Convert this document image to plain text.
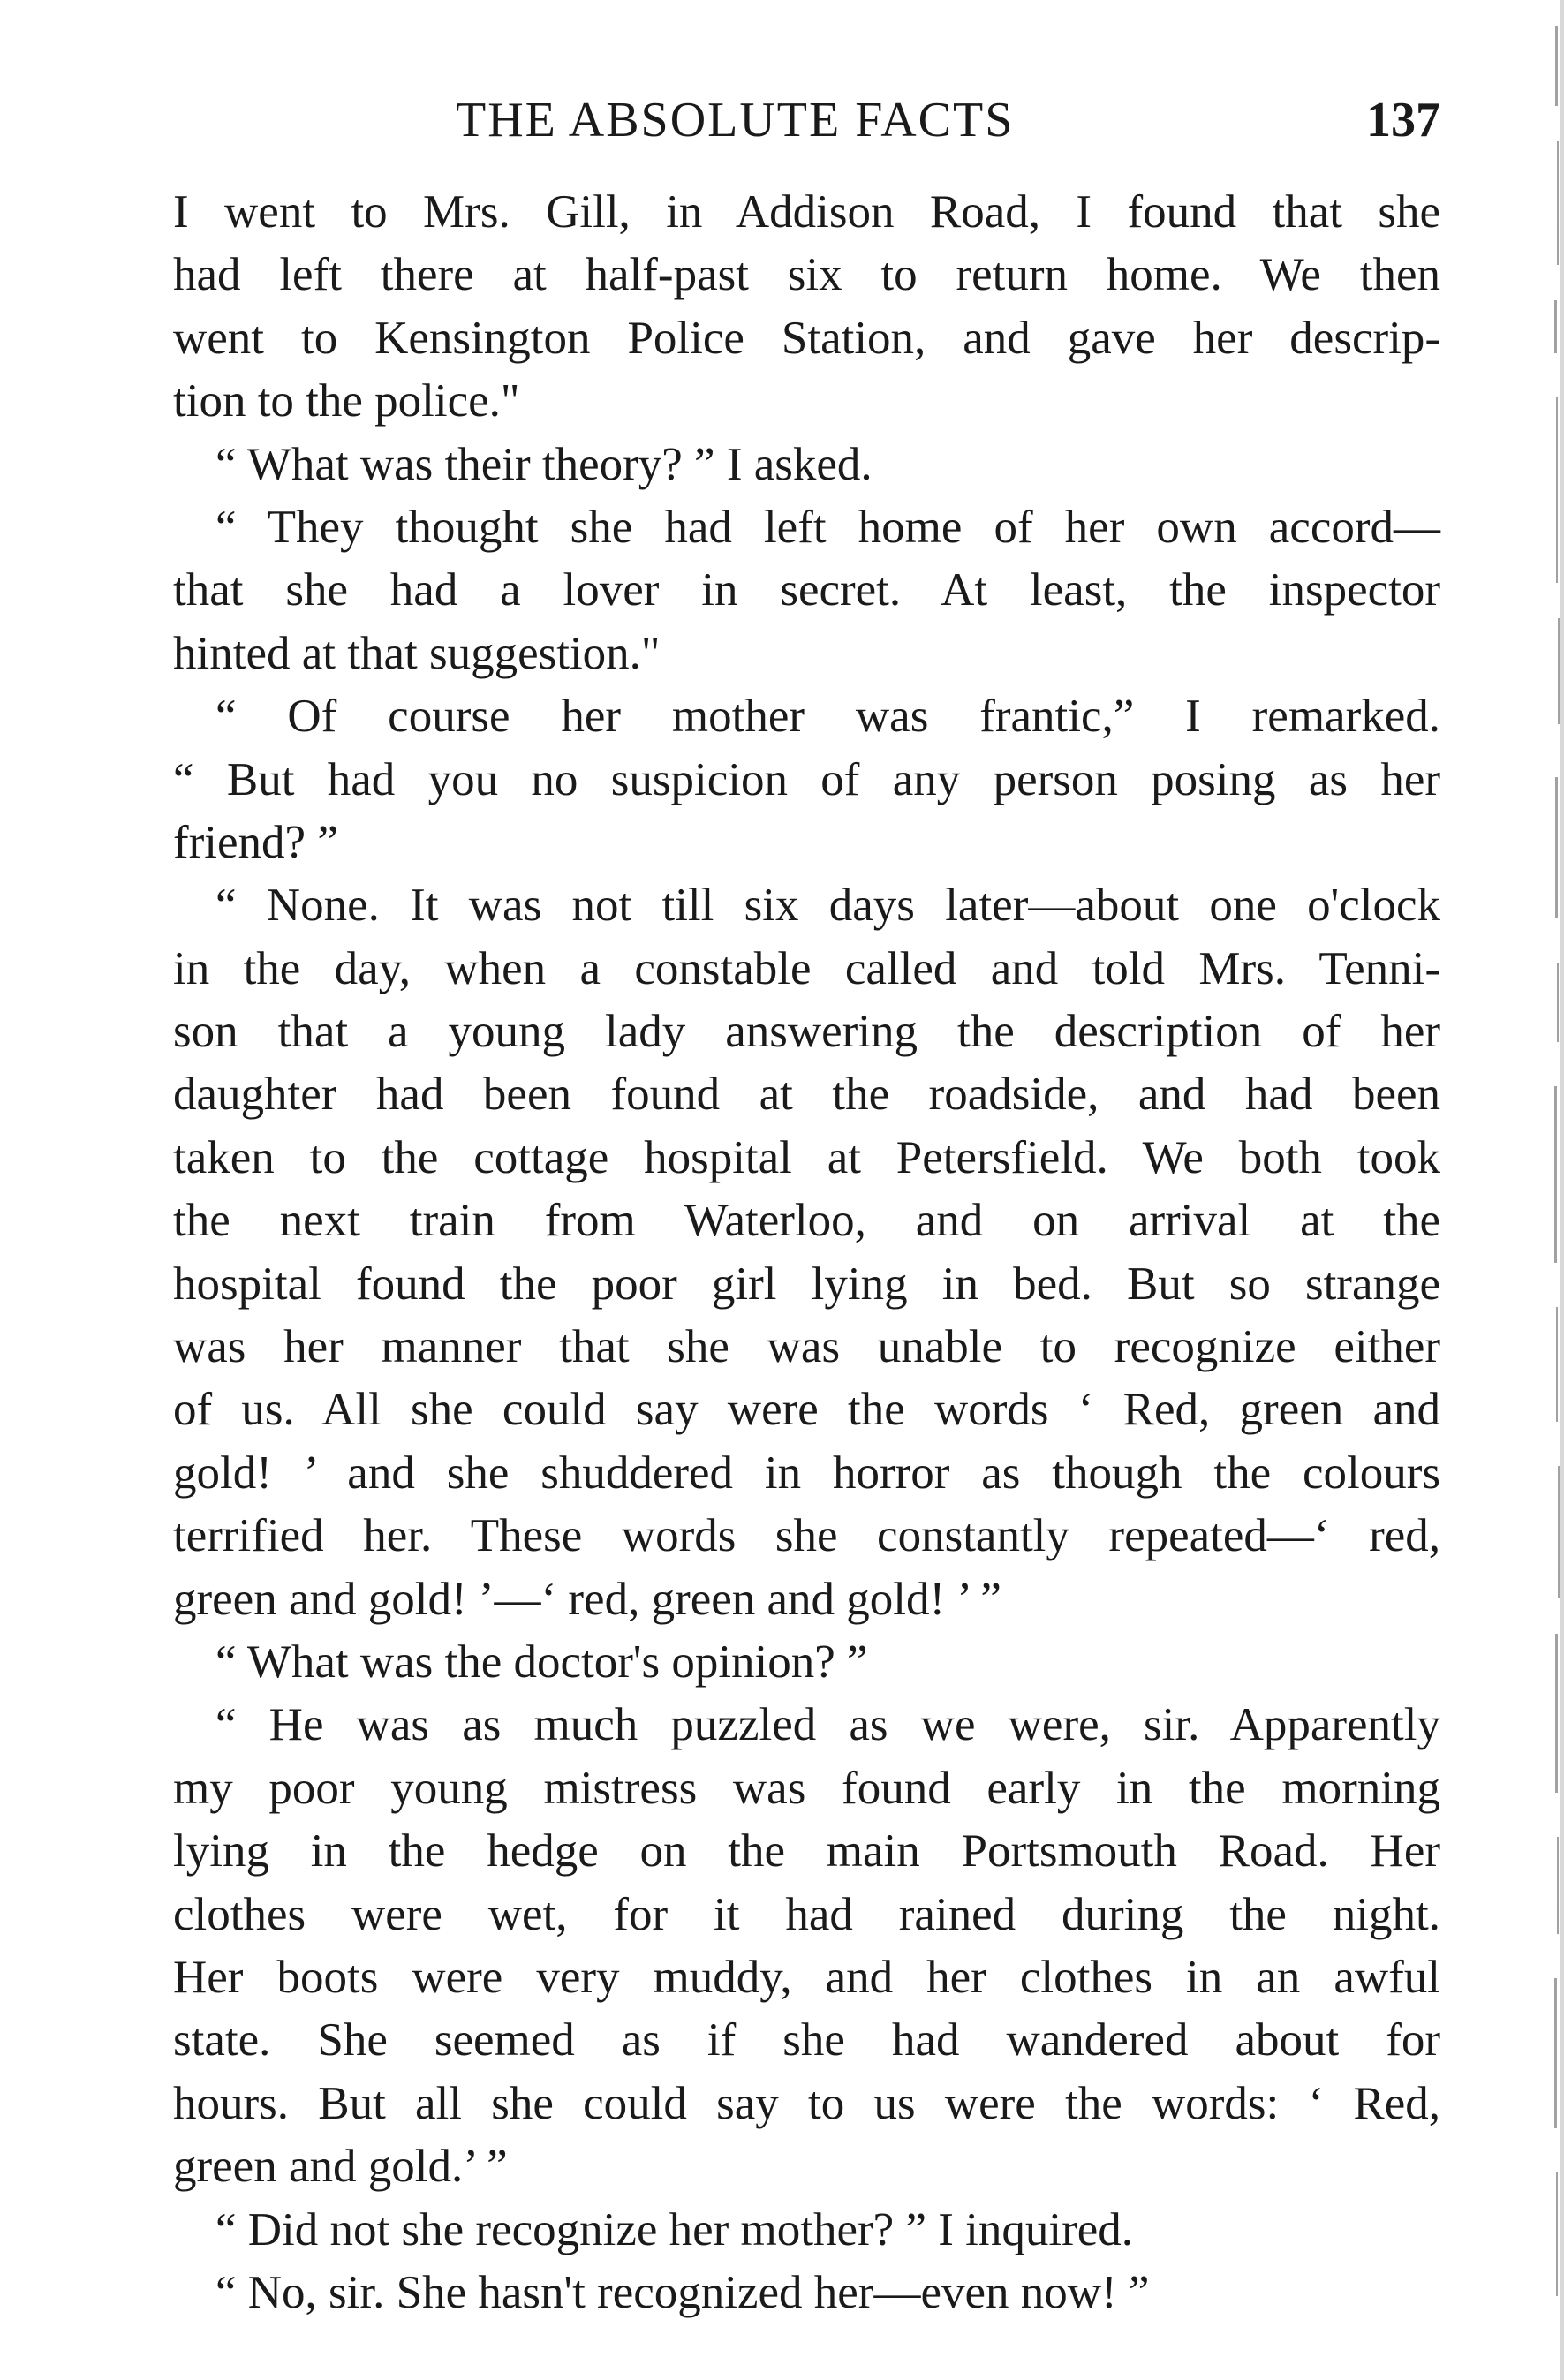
THE ABSOLUTE FACTS	137
I went to Mrs. Gill, in Addison Road, I found that she
had left there at half-past six to return home. We then
went to Kensington Police Station, and gave her descrip-
tion to the police."
“ What was their theory? ” I asked.
“ They thought she had left home of her own accord—
that she had a lover in secret. At least, the inspector
hinted at that suggestion."
“ Of course her mother was frantic,” I remarked.
“ But had you no suspicion of any person posing as her
friend? ”
“ None. It was not till six days later—about one o'clock
in the day, when a constable called and told Mrs. Tenni-
son that a young lady answering the description of her
daughter had been found at the roadside, and had been
taken to the cottage hospital at Petersfield. We both took
the next train from Waterloo, and on arrival at the
hospital found the poor girl lying in bed. But so strange
was her manner that she was unable to recognize either
of us. All she could say were the words ‘ Red, green and
gold! ’ and she shuddered in horror as though the colours
terrified her. These words she constantly repeated—‘ red,
green and gold! ’—‘ red, green and gold! ’ ”
“ What was the doctor's opinion? ”
“ He was as much puzzled as we were, sir. Apparently
my poor young mistress was found early in the morning
lying in the hedge on the main Portsmouth Road. Her
clothes were wet, for it had rained during the night.
Her boots were very muddy, and her clothes in an awful
state. She seemed as if she had wandered about for
hours. But all she could say to us were the words: ‘ Red,
green and gold.’ ”
“ Did not she recognize her mother? ” I inquired.
“ No, sir. She hasn't recognized her—even now! ”
